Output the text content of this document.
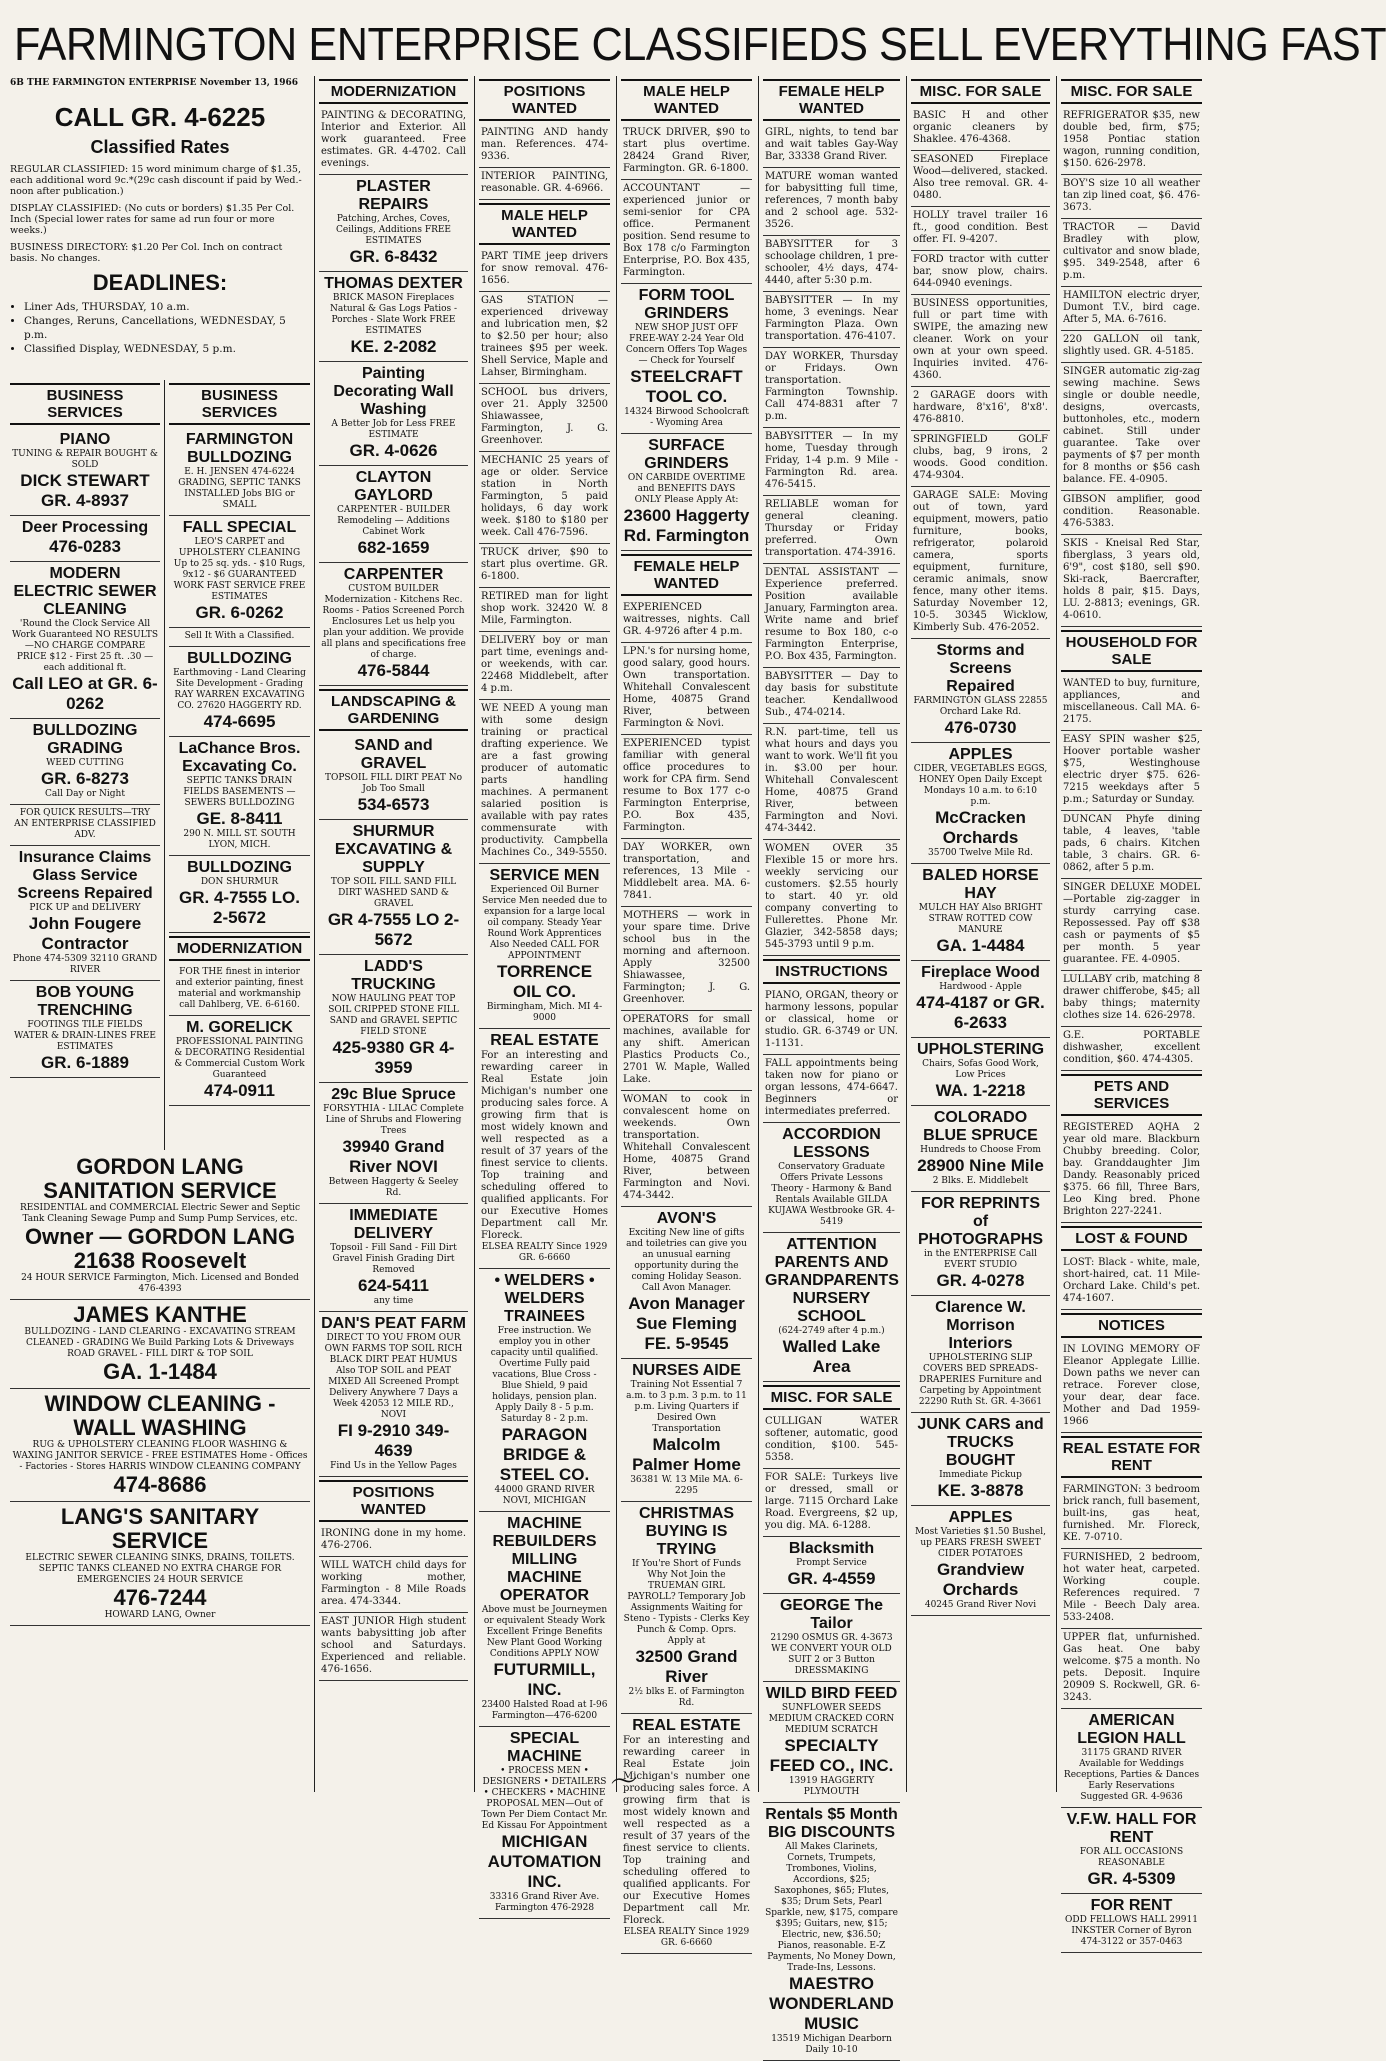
FARMINGTON ENTERPRISE CLASSIFIEDS SELL EVERYTHING FAST
6B THE FARMINGTON ENTERPRISE November 13, 1966
CALL GR. 4-6225
Classified Rates

REGULAR CLASSIFIED: 15 word minimum charge of $1.35, each additional word 9c.*(29c cash discount if paid by Wed.-noon after publication.)

DISPLAY CLASSIFIED: (No cuts or borders) $1.35 Per Col. Inch (Special lower rates for same ad run four or more weeks.)

BUSINESS DIRECTORY: $1.20 Per Col. Inch on contract basis. No changes.

DEADLINES:
• Liner Ads, THURSDAY, 10 a.m.
• Changes, Reruns, Cancellations, WEDNESDAY, 5 p.m.
• Classified Display, WEDNESDAY, 5 p.m.
BUSINESS SERVICES
PIANO
TUNING & REPAIR BOUGHT & SOLD
DICK STEWART GR. 4-8937
Deer Processing
476-0283
MODERN ELECTRIC SEWER CLEANING
'Round the Clock Service All Work Guaranteed NO RESULTS—NO CHARGE COMPARE PRICE $12 - First 25 ft. .30 — each additional ft.
Call LEO at GR. 6-0262
BULLDOZING GRADING
WEED CUTTING
GR. 6-8273
Call Day or Night
FOR QUICK RESULTS—TRY AN ENTERPRISE CLASSIFIED ADV.
Insurance Claims Glass Service Screens Repaired
PICK UP and DELIVERY
John Fougere Contractor
Phone 474-5309 32110 GRAND RIVER
BOB YOUNG TRENCHING
FOOTINGS TILE FIELDS WATER & DRAIN-LINES FREE ESTIMATES
GR. 6-1889
BUSINESS SERVICES
FARMINGTON BULLDOZING
E. H. JENSEN 474-6224 GRADING, SEPTIC TANKS INSTALLED Jobs BIG or SMALL
FALL SPECIAL
LEO'S CARPET and UPHOLSTERY CLEANING Up to 25 sq. yds. - $10 Rugs, 9x12 - $6 GUARANTEED WORK FAST SERVICE FREE ESTIMATES
GR. 6-0262
Sell It With a Classified.
BULLDOZING
Earthmoving - Land Clearing Site Development - Grading RAY WARREN EXCAVATING CO. 27620 HAGGERTY RD.
474-6695
LaChance Bros. Excavating Co.
SEPTIC TANKS DRAIN FIELDS BASEMENTS — SEWERS BULLDOZING
GE. 8-8411
290 N. MILL ST. SOUTH LYON, MICH.
BULLDOZING
DON SHURMUR
GR. 4-7555 LO. 2-5672
MODERNIZATION
FOR THE finest in interior and exterior painting, finest material and workmanship call Dahlberg, VE. 6-6160.
M. GORELICK
PROFESSIONAL PAINTING & DECORATING Residential & Commercial Custom Work Guaranteed
474-0911
GORDON LANG SANITATION SERVICE
RESIDENTIAL and COMMERCIAL Electric Sewer and Septic Tank Cleaning Sewage Pump and Sump Pump Services, etc.
Owner — GORDON LANG 21638 Roosevelt
24 HOUR SERVICE Farmington, Mich. Licensed and Bonded 476-4393
JAMES KANTHE
BULLDOZING - LAND CLEARING - EXCAVATING STREAM CLEANED - GRADING We Build Parking Lots & Driveways ROAD GRAVEL - FILL DIRT & TOP SOIL
GA. 1-1484
WINDOW CLEANING - WALL WASHING
RUG & UPHOLSTERY CLEANING FLOOR WASHING & WAXING JANITOR SERVICE - FREE ESTIMATES Home - Offices - Factories - Stores HARRIS WINDOW CLEANING COMPANY
474-8686
LANG'S SANITARY SERVICE
ELECTRIC SEWER CLEANING SINKS, DRAINS, TOILETS. SEPTIC TANKS CLEANED NO EXTRA CHARGE FOR EMERGENCIES 24 HOUR SERVICE
476-7244
HOWARD LANG, Owner
MODERNIZATION
PAINTING & DECORATING, Interior and Exterior. All work guaranteed. Free estimates. GR. 4-4702. Call evenings.
PLASTER REPAIRS
Patching, Arches, Coves, Ceilings, Additions FREE ESTIMATES
GR. 6-8432
THOMAS DEXTER
BRICK MASON Fireplaces Natural & Gas Logs Patios - Porches - Slate Work FREE ESTIMATES
KE. 2-2082
Painting Decorating Wall Washing
A Better Job for Less FREE ESTIMATE
GR. 4-0626
CLAYTON GAYLORD
CARPENTER - BUILDER Remodeling — Additions Cabinet Work
682-1659
CARPENTER
CUSTOM BUILDER Modernization - Kitchens Rec. Rooms - Patios Screened Porch Enclosures Let us help you plan your addition. We provide all plans and specifications free of charge.
476-5844
LANDSCAPING & GARDENING
SAND and GRAVEL
TOPSOIL FILL DIRT PEAT No Job Too Small
534-6573
SHURMUR EXCAVATING & SUPPLY
TOP SOIL FILL SAND FILL DIRT WASHED SAND & GRAVEL
GR 4-7555 LO 2-5672
LADD'S TRUCKING
NOW HAULING PEAT TOP SOIL CRIPPED STONE FILL SAND and GRAVEL SEPTIC FIELD STONE
425-9380 GR 4-3959
29c Blue Spruce
FORSYTHIA - LILAC Complete Line of Shrubs and Flowering Trees
39940 Grand River NOVI
Between Haggerty & Seeley Rd.
IMMEDIATE DELIVERY
Topsoil - Fill Sand - Fill Dirt Gravel Finish Grading Dirt Removed
624-5411
any time
DAN'S PEAT FARM
DIRECT TO YOU FROM OUR OWN FARMS TOP SOIL RICH BLACK DIRT PEAT HUMUS Also TOP SOIL and PEAT MIXED All Screened Prompt Delivery Anywhere 7 Days a Week 42053 12 MILE RD., NOVI
FI 9-2910 349-4639
Find Us in the Yellow Pages
POSITIONS WANTED
IRONING done in my home. 476-2706.
WILL WATCH child days for working mother, Farmington - 8 Mile Roads area. 474-3344.
EAST JUNIOR High student wants babysitting job after school and Saturdays. Experienced and reliable. 476-1656.
POSITIONS WANTED
PAINTING AND handy man. References. 474-9336.
INTERIOR PAINTING, reasonable. GR. 4-6966.
MALE HELP WANTED
PART TIME jeep drivers for snow removal. 476-1656.
GAS STATION — experienced driveway and lubrication men, $2 to $2.50 per hour; also trainees $95 per week. Shell Service, Maple and Lahser, Birmingham.
SCHOOL bus drivers, over 21. Apply 32500 Shiawassee, Farmington, J. G. Greenhover.
MECHANIC 25 years of age or older. Service station in North Farmington, 5 paid holidays, 6 day work week. $180 to $180 per week. Call 476-7596.
TRUCK driver, $90 to start plus overtime. GR. 6-1800.
RETIRED man for light shop work. 32420 W. 8 Mile, Farmington.
DELIVERY boy or man part time, evenings and-or weekends, with car. 22468 Middlebelt, after 4 p.m.
WE NEED A young man with some design training or practical drafting experience. We are a fast growing producer of automatic parts handling machines. A permanent salaried position is available with pay rates commensurate with productivity. Campbella Machines Co., 349-5550.
SERVICE MEN
Experienced Oil Burner Service Men needed due to expansion for a large local oil company. Steady Year Round Work Apprentices Also Needed CALL FOR APPOINTMENT
TORRENCE OIL CO.
Birmingham, Mich. MI 4-9000
REAL ESTATE
For an interesting and rewarding career in Real Estate join Michigan's number one producing sales force. A growing firm that is most widely known and well respected as a result of 37 years of the finest service to clients. Top training and scheduling offered to qualified applicants. For our Executive Homes Department call Mr. Floreck.
ELSEA REALTY Since 1929 GR. 6-6660
• WELDERS • WELDERS TRAINEES
Free instruction. We employ you in other capacity until qualified. Overtime Fully paid vacations, Blue Cross - Blue Shield, 9 paid holidays, pension plan. Apply Daily 8 - 5 p.m. Saturday 8 - 2 p.m.
PARAGON BRIDGE & STEEL CO.
44000 GRAND RIVER NOVI, MICHIGAN
MACHINE REBUILDERS MILLING MACHINE OPERATOR
Above must be Journeymen or equivalent Steady Work Excellent Fringe Benefits New Plant Good Working Conditions APPLY NOW
FUTURMILL, INC.
23400 Halsted Road at I-96 Farmington—476-6200
SPECIAL MACHINE
• PROCESS MEN • DESIGNERS • DETAILERS • CHECKERS • MACHINE PROPOSAL MEN—Out of Town Per Diem Contact Mr. Ed Kissau For Appointment
MICHIGAN AUTOMATION INC.
33316 Grand River Ave. Farmington 476-2928
MALE HELP WANTED
TRUCK DRIVER, $90 to start plus overtime. 28424 Grand River, Farmington. GR. 6-1800.
ACCOUNTANT — experienced junior or semi-senior for CPA office. Permanent position. Send resume to Box 178 c/o Farmington Enterprise, P.O. Box 435, Farmington.
FORM TOOL GRINDERS
NEW SHOP JUST OFF FREE-WAY 2-24 Year Old Concern Offers Top Wages — Check for Yourself
STEELCRAFT TOOL CO.
14324 Birwood Schoolcraft - Wyoming Area
SURFACE GRINDERS
ON CARBIDE OVERTIME and BENEFITS DAYS ONLY Please Apply At:
23600 Haggerty Rd. Farmington
FEMALE HELP WANTED
EXPERIENCED waitresses, nights. Call GR. 4-9726 after 4 p.m.
LPN.'s for nursing home, good salary, good hours. Own transportation. Whitehall Convalescent Home, 40875 Grand River, between Farmington & Novi.
EXPERIENCED typist familiar with general office procedures to work for CPA firm. Send resume to Box 177 c-o Farmington Enterprise, P.O. Box 435, Farmington.
DAY WORKER, own transportation, and references, 13 Mile - Middlebelt area. MA. 6-7841.
MOTHERS — work in your spare time. Drive school bus in the morning and afternoon. Apply 32500 Shiawassee, Farmington; J. G. Greenhover.
OPERATORS for small machines, available for any shift. American Plastics Products Co., 2701 W. Maple, Walled Lake.
WOMAN to cook in convalescent home on weekends. Own transportation. Whitehall Convalescent Home, 40875 Grand River, between Farmington and Novi. 474-3442.
AVON'S
Exciting New line of gifts and toiletries can give you an unusual earning opportunity during the coming Holiday Season. Call Avon Manager.
Avon Manager Sue Fleming FE. 5-9545
NURSES AIDE
Training Not Essential 7 a.m. to 3 p.m. 3 p.m. to 11 p.m. Living Quarters if Desired Own Transportation
Malcolm Palmer Home
36381 W. 13 Mile MA. 6-2295
CHRISTMAS BUYING IS TRYING
If You're Short of Funds Why Not Join the TRUEMAN GIRL PAYROLL? Temporary Job Assignments Waiting for Steno - Typists - Clerks Key Punch & Comp. Oprs. Apply at
32500 Grand River
2½ blks E. of Farmington Rd.
REAL ESTATE
For an interesting and rewarding career in Real Estate join Michigan's number one producing sales force. A growing firm that is most widely known and well respected as a result of 37 years of the finest service to clients. Top training and scheduling offered to qualified applicants. For our Executive Homes Department call Mr. Floreck.
ELSEA REALTY Since 1929 GR. 6-6660
FEMALE HELP WANTED
GIRL, nights, to tend bar and wait tables Gay-Way Bar, 33338 Grand River.
MATURE woman wanted for babysitting full time, references, 7 month baby and 2 school age. 532-3526.
BABYSITTER for 3 schoolage children, 1 pre-schooler, 4½ days, 474-4440, after 5:30 p.m.
BABYSITTER — In my home, 3 evenings. Near Farmington Plaza. Own transportation. 476-4107.
DAY WORKER, Thursday or Fridays. Own transportation. Farmington Township. Call 474-8831 after 7 p.m.
BABYSITTER — In my home, Tuesday through Friday, 1-4 p.m. 9 Mile - Farmington Rd. area. 476-5415.
RELIABLE woman for general cleaning. Thursday or Friday preferred. Own transportation. 474-3916.
DENTAL ASSISTANT — Experience preferred. Position available January, Farmington area. Write name and brief resume to Box 180, c-o Farmington Enterprise, P.O. Box 435, Farmington.
BABYSITTER — Day to day basis for substitute teacher. Kendallwood Sub., 474-0214.
R.N. part-time, tell us what hours and days you want to work. We'll fit you in. $3.00 per hour. Whitehall Convalescent Home, 40875 Grand River, between Farmington and Novi. 474-3442.
WOMEN OVER 35 Flexible 15 or more hrs. weekly servicing our customers. $2.55 hourly to start. 40 yr. old company converting to Fullerettes. Phone Mr. Glazier, 342-5858 days; 545-3793 until 9 p.m.
INSTRUCTIONS
PIANO, ORGAN, theory or harmony lessons, popular or classical, home or studio. GR. 6-3749 or UN. 1-1131.
FALL appointments being taken now for piano or organ lessons, 474-6647. Beginners or intermediates preferred.
ACCORDION LESSONS
Conservatory Graduate Offers Private Lessons Theory - Harmony & Band Rentals Available GILDA KUJAWA Westbrooke GR. 4-5419
ATTENTION PARENTS AND GRANDPARENTS NURSERY SCHOOL
(624-2749 after 4 p.m.)
Walled Lake Area
MISC. FOR SALE
CULLIGAN WATER softener, automatic, good condition, $100. 545-5358.
FOR SALE: Turkeys live or dressed, small or large. 7115 Orchard Lake Road. Evergreens, $2 up, you dig. MA. 6-1288.
Blacksmith
Prompt Service
GR. 4-4559
GEORGE The Tailor
21290 OSMUS GR. 4-3673 WE CONVERT YOUR OLD SUIT 2 or 3 Button DRESSMAKING
WILD BIRD FEED
SUNFLOWER SEEDS MEDIUM CRACKED CORN MEDIUM SCRATCH
SPECIALTY FEED CO., INC.
13919 HAGGERTY PLYMOUTH
Rentals $5 Month BIG DISCOUNTS
All Makes Clarinets, Cornets, Trumpets, Trombones, Violins, Accordions, $25; Saxophones, $65; Flutes, $35; Drum Sets, Pearl Sparkle, new, $175, compare $395; Guitars, new, $15; Electric, new, $36.50; Pianos, reasonable. E-Z Payments, No Money Down, Trade-Ins, Lessons.
MAESTRO WONDERLAND MUSIC
13519 Michigan Dearborn Daily 10-10
MISC. FOR SALE
BASIC H and other organic cleaners by Shaklee. 476-4368.
SEASONED Fireplace Wood—delivered, stacked. Also tree removal. GR. 4-0480.
HOLLY travel trailer 16 ft., good condition. Best offer. FI. 9-4207.
FORD tractor with cutter bar, snow plow, chairs. 644-0940 evenings.
BUSINESS opportunities, full or part time with SWIPE, the amazing new cleaner. Work on your own at your own speed. Inquiries invited. 476-4360.
2 GARAGE doors with hardware, 8'x16', 8'x8'. 476-8810.
SPRINGFIELD GOLF clubs, bag, 9 irons, 2 woods. Good condition. 474-9304.
GARAGE SALE: Moving out of town, yard equipment, mowers, patio furniture, books, refrigerator, polaroid camera, sports equipment, furniture, ceramic animals, snow fence, many other items. Saturday November 12, 10-5. 30345 Wicklow, Kimberly Sub. 476-2052.
Storms and Screens Repaired
FARMINGTON GLASS 22855 Orchard Lake Rd.
476-0730
APPLES
CIDER, VEGETABLES EGGS, HONEY Open Daily Except Mondays 10 a.m. to 6:10 p.m.
McCracken Orchards
35700 Twelve Mile Rd.
BALED HORSE HAY
MULCH HAY Also BRIGHT STRAW ROTTED COW MANURE
GA. 1-4484
Fireplace Wood
Hardwood - Apple
474-4187 or GR. 6-2633
UPHOLSTERING
Chairs, Sofas Good Work, Low Prices
WA. 1-2218
COLORADO BLUE SPRUCE
Hundreds to Choose From
28900 Nine Mile
2 Blks. E. Middlebelt
FOR REPRINTS of PHOTOGRAPHS
in the ENTERPRISE Call EVERT STUDIO
GR. 4-0278
Clarence W. Morrison Interiors
UPHOLSTERING SLIP COVERS BED SPREADS-DRAPERIES Furniture and Carpeting by Appointment 22290 Ruth St. GR. 4-3661
JUNK CARS and TRUCKS BOUGHT
Immediate Pickup
KE. 3-8878
APPLES
Most Varieties $1.50 Bushel, up PEARS FRESH SWEET CIDER POTATOES
Grandview Orchards
40245 Grand River Novi
MISC. FOR SALE
REFRIGERATOR $35, new double bed, firm, $75; 1958 Pontiac station wagon, running condition, $150. 626-2978.
BOY'S size 10 all weather tan zip lined coat, $6. 476-3673.
TRACTOR — David Bradley with plow, cultivator and snow blade, $95. 349-2548, after 6 p.m.
HAMILTON electric dryer, Dumont T.V., bird cage. After 5, MA. 6-7616.
220 GALLON oil tank, slightly used. GR. 4-5185.
SINGER automatic zig-zag sewing machine. Sews single or double needle, designs, overcasts, buttonholes, etc., modern cabinet. Still under guarantee. Take over payments of $7 per month for 8 months or $56 cash balance. FE. 4-0905.
GIBSON amplifier, good condition. Reasonable. 476-5383.
SKIS - Kneisal Red Star, fiberglass, 3 years old, 6'9", cost $180, sell $90. Ski-rack, Baercrafter, holds 8 pair, $15. Days, LU. 2-8813; evenings, GR. 4-0610.
HOUSEHOLD FOR SALE
WANTED to buy, furniture, appliances, and miscellaneous. Call MA. 6-2175.
EASY SPIN washer $25, Hoover portable washer $75, Westinghouse electric dryer $75. 626-7215 weekdays after 5 p.m.; Saturday or Sunday.
DUNCAN Phyfe dining table, 4 leaves, 'table pads, 6 chairs. Kitchen table, 3 chairs. GR. 6-0862, after 5 p.m.
SINGER DELUXE MODEL—Portable zig-zagger in sturdy carrying case. Repossessed. Pay off $38 cash or payments of $5 per month. 5 year guarantee. FE. 4-0905.
LULLABY crib, matching 8 drawer chifferobe, $45; all baby things; maternity clothes size 14. 626-2978.
G.E. PORTABLE dishwasher, excellent condition, $60. 474-4305.
PETS AND SERVICES
REGISTERED AQHA 2 year old mare. Blackburn Chubby breeding. Color, bay. Granddaughter Jim Dandy. Reasonably priced $375. 66 fill, Three Bars, Leo King bred. Phone Brighton 227-2241.
LOST & FOUND
LOST: Black - white, male, short-haired, cat. 11 Mile-Orchard Lake. Child's pet. 474-1607.
NOTICES
IN LOVING MEMORY OF Eleanor Applegate Lillie. Down paths we never can retrace. Forever close, your dear, dear face. Mother and Dad 1959-1966
REAL ESTATE FOR RENT
FARMINGTON: 3 bedroom brick ranch, full basement, built-ins, gas heat, furnished. Mr. Floreck, KE. 7-0710.
FURNISHED, 2 bedroom, hot water heat, carpeted. Working couple. References required. 7 Mile - Beech Daly area. 533-2408.
UPPER flat, unfurnished. Gas heat. One baby welcome. $75 a month. No pets. Deposit. Inquire 20909 S. Rockwell, GR. 6-3243.
AMERICAN LEGION HALL
31175 GRAND RIVER Available for Weddings Receptions, Parties & Dances Early Reservations Suggested GR. 4-9636
V.F.W. HALL FOR RENT
FOR ALL OCCASIONS REASONABLE
GR. 4-5309
FOR RENT
ODD FELLOWS HALL 29911 INKSTER Corner of Byron 474-3122 or 357-0463
〜
